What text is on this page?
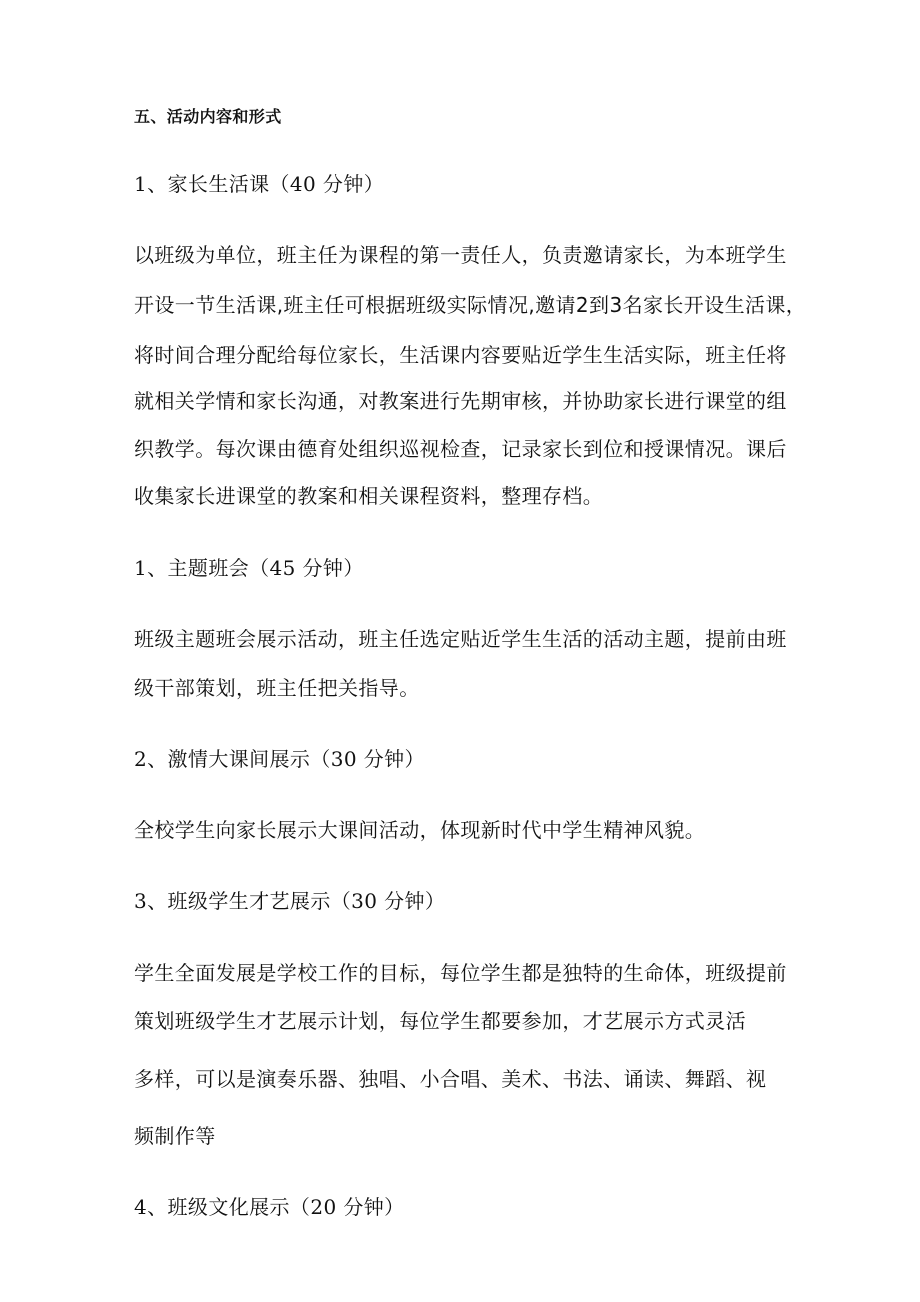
五、活动内容和形式
1、家长生活课（40 分钟）
以班级为单位，班主任为课程的第一责任人，负责邀请家长，为本班学生
开设一节生活课,班主任可根据班级实际情况,邀请2到3名家长开设生活课，
将时间合理分配给每位家长，生活课内容要贴近学生生活实际，班主任将
就相关学情和家长沟通，对教案进行先期审核，并协助家长进行课堂的组
织教学。每次课由德育处组织巡视检查，记录家长到位和授课情况。课后
收集家长进课堂的教案和相关课程资料，整理存档。
1、主题班会（45 分钟）
班级主题班会展示活动，班主任选定贴近学生生活的活动主题，提前由班
级干部策划，班主任把关指导。
2、激情大课间展示（30 分钟）
全校学生向家长展示大课间活动，体现新时代中学生精神风貌。
3、班级学生才艺展示（30 分钟）
学生全面发展是学校工作的目标，每位学生都是独特的生命体，班级提前
策划班级学生才艺展示计划，每位学生都要参加，才艺展示方式灵活
多样，可以是演奏乐器、独唱、小合唱、美术、书法、诵读、舞蹈、视
频制作等
4、班级文化展示（20 分钟）
